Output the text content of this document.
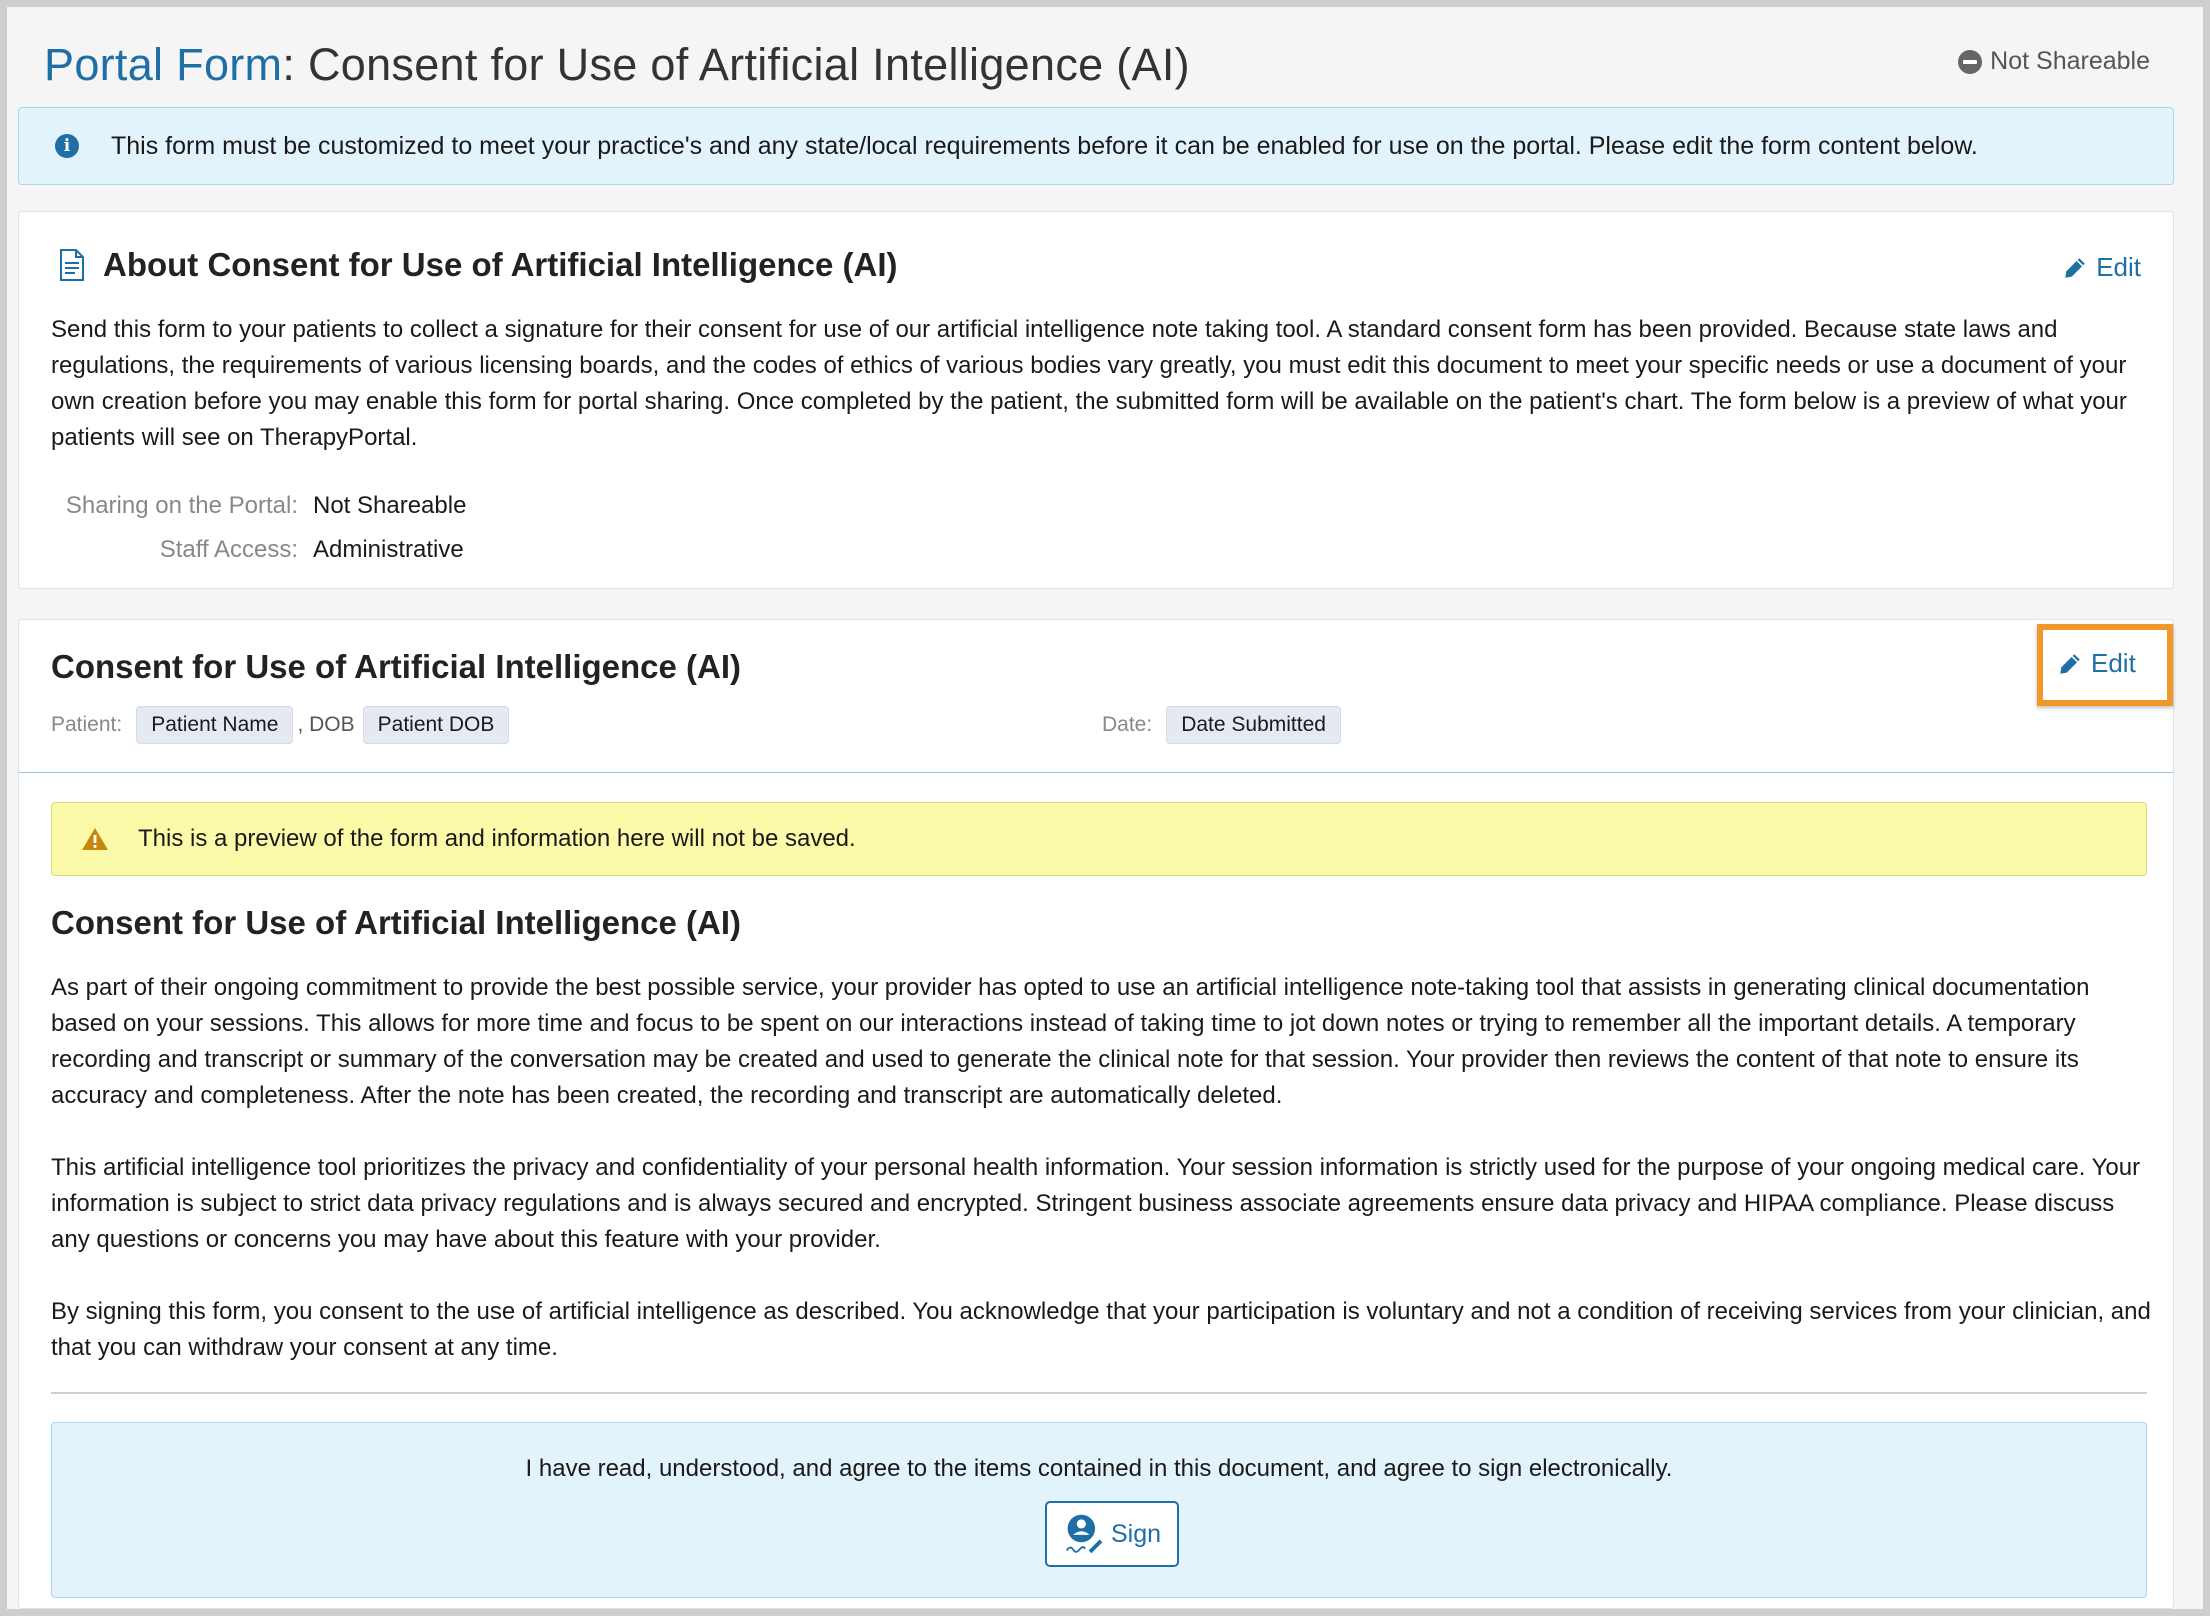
Portal Form: Consent for Use of Artificial Intelligence (AI)	Not Shareable
i	This form must be customized to meet your practice's and any state/local requirements before it can be enabled for use on the portal. Please edit the form content below.
About Consent for Use of Artificial Intelligence (AI)	Edit

Send this form to your patients to collect a signature for their consent for use of our artificial intelligence note taking tool. A standard consent form has been provided. Because state laws and regulations, the requirements of various licensing boards, and the codes of ethics of various bodies vary greatly, you must edit this document to meet your specific needs or use a document of your own creation before you may enable this form for portal sharing. Once completed by the patient, the submitted form will be available on the patient's chart. The form below is a preview of what your patients will see on TherapyPortal.

Sharing on the Portal: Not Shareable
Staff Access: Administrative
Consent for Use of Artificial Intelligence (AI)	Edit
Patient:	Patient Name , DOB	Patient DOB	Date:	Date Submitted
This is a preview of the form and information here will not be saved.
Consent for Use of Artificial Intelligence (AI)

As part of their ongoing commitment to provide the best possible service, your provider has opted to use an artificial intelligence note-taking tool that assists in generating clinical documentation based on your sessions. This allows for more time and focus to be spent on our interactions instead of taking time to jot down notes or trying to remember all the important details. A temporary recording and transcript or summary of the conversation may be created and used to generate the clinical note for that session. Your provider then reviews the content of that note to ensure its accuracy and completeness. After the note has been created, the recording and transcript are automatically deleted.

This artificial intelligence tool prioritizes the privacy and confidentiality of your personal health information. Your session information is strictly used for the purpose of your ongoing medical care. Your information is subject to strict data privacy regulations and is always secured and encrypted. Stringent business associate agreements ensure data privacy and HIPAA compliance. Please discuss any questions or concerns you may have about this feature with your provider.

By signing this form, you consent to the use of artificial intelligence as described. You acknowledge that your participation is voluntary and not a condition of receiving services from your clinician, and that you can withdraw your consent at any time.

I have read, understood, and agree to the items contained in this document, and agree to sign electronically.
Sign
